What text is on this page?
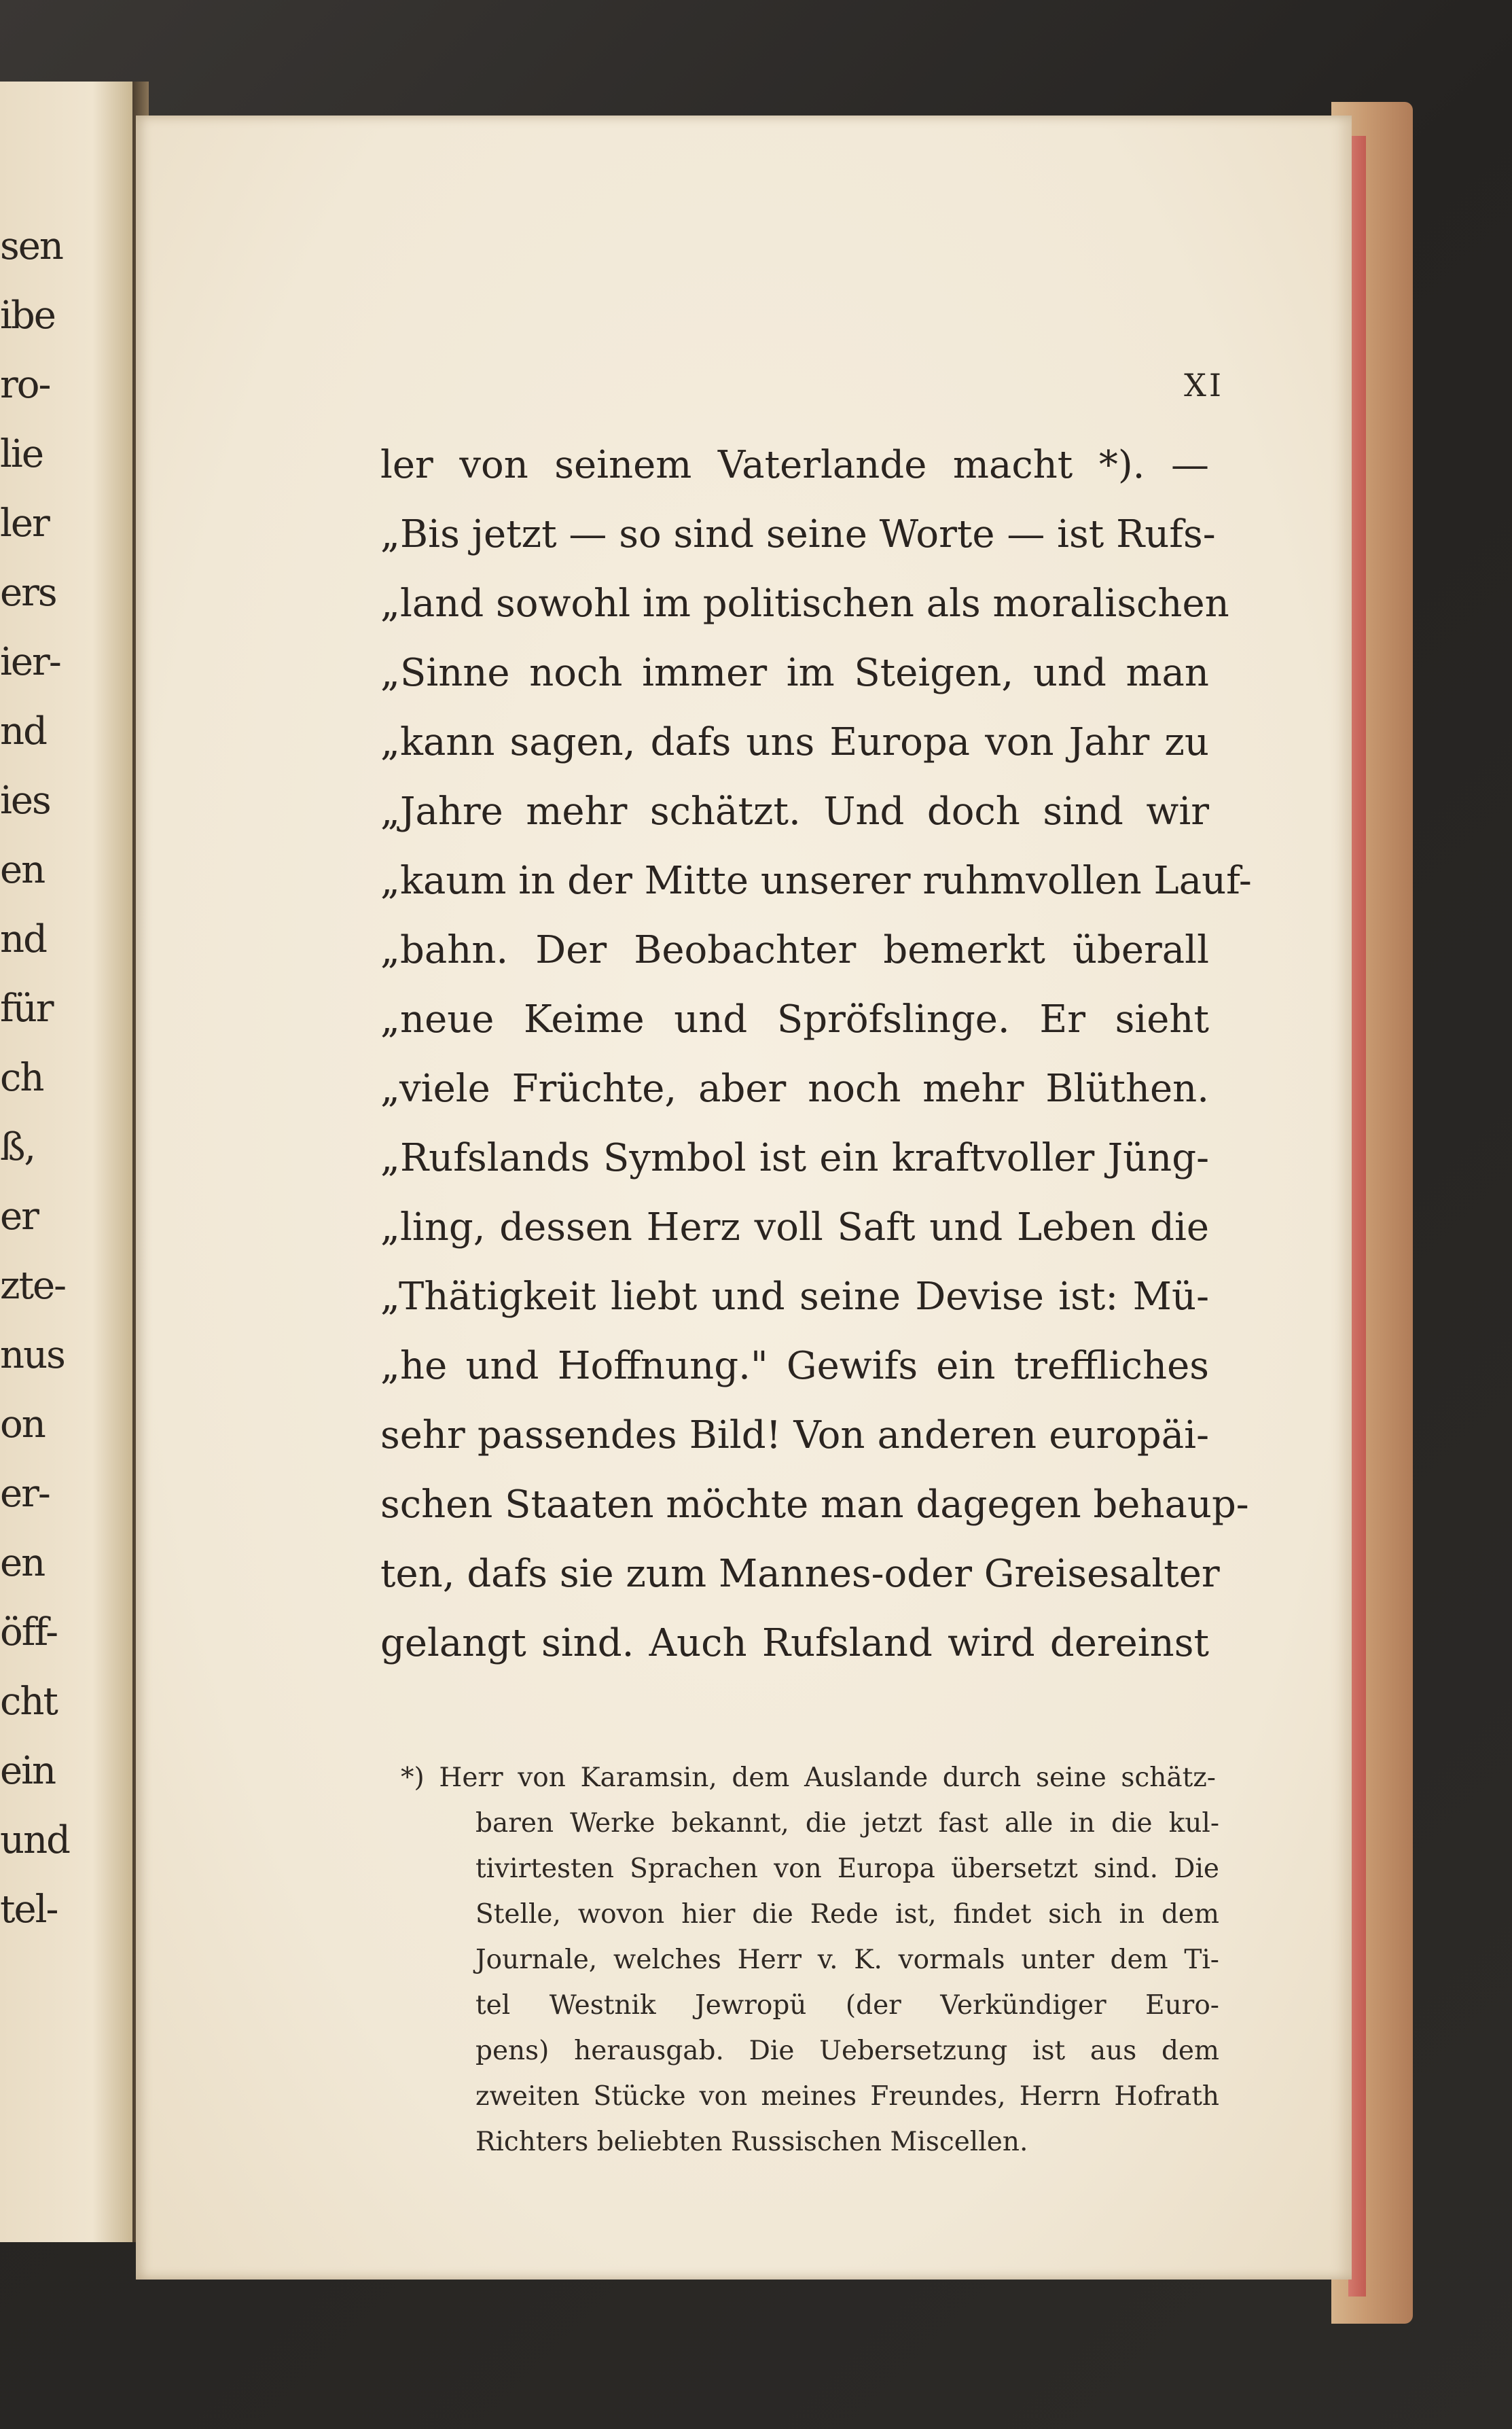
sen
ibe
ro-
lie
ler
ers
ier-
nd
ies
en
nd
für
ch
ß,
er
zte-
nus
on
er-
en
öff-
cht
ein
und
tel-
XI
ler von seinem Vaterlande macht *). —
„Bis jetzt — so sind seine Worte — ist Rufs-
„land sowohl im politischen als moralischen
„Sinne noch immer im Steigen, und man
„kann sagen, dafs uns Europa von Jahr zu
„Jahre mehr schätzt. Und doch sind wir
„kaum in der Mitte unserer ruhmvollen Lauf-
„bahn. Der Beobachter bemerkt überall
„neue Keime und Spröfslinge. Er sieht
„viele Früchte, aber noch mehr Blüthen.
„Rufslands Symbol ist ein kraftvoller Jüng-
„ling, dessen Herz voll Saft und Leben die
„Thätigkeit liebt und seine Devise ist: Mü-
„he und Hoffnung." Gewifs ein treffliches
sehr passendes Bild! Von anderen europäi-
schen Staaten möchte man dagegen behaup-
ten, dafs sie zum Mannes-oder Greisesalter
gelangt sind. Auch Rufsland wird dereinst
*) Herr von Karamsin, dem Auslande durch seine schätz-
baren Werke bekannt, die jetzt fast alle in die kul-
tivirtesten Sprachen von Europa übersetzt sind. Die
Stelle, wovon hier die Rede ist, findet sich in dem
Journale, welches Herr v. K. vormals unter dem Ti-
tel Westnik Jewropü (der Verkündiger Euro-
pens) herausgab. Die Uebersetzung ist aus dem
zweiten Stücke von meines Freundes, Herrn Hofrath
Richters beliebten Russischen Miscellen.
